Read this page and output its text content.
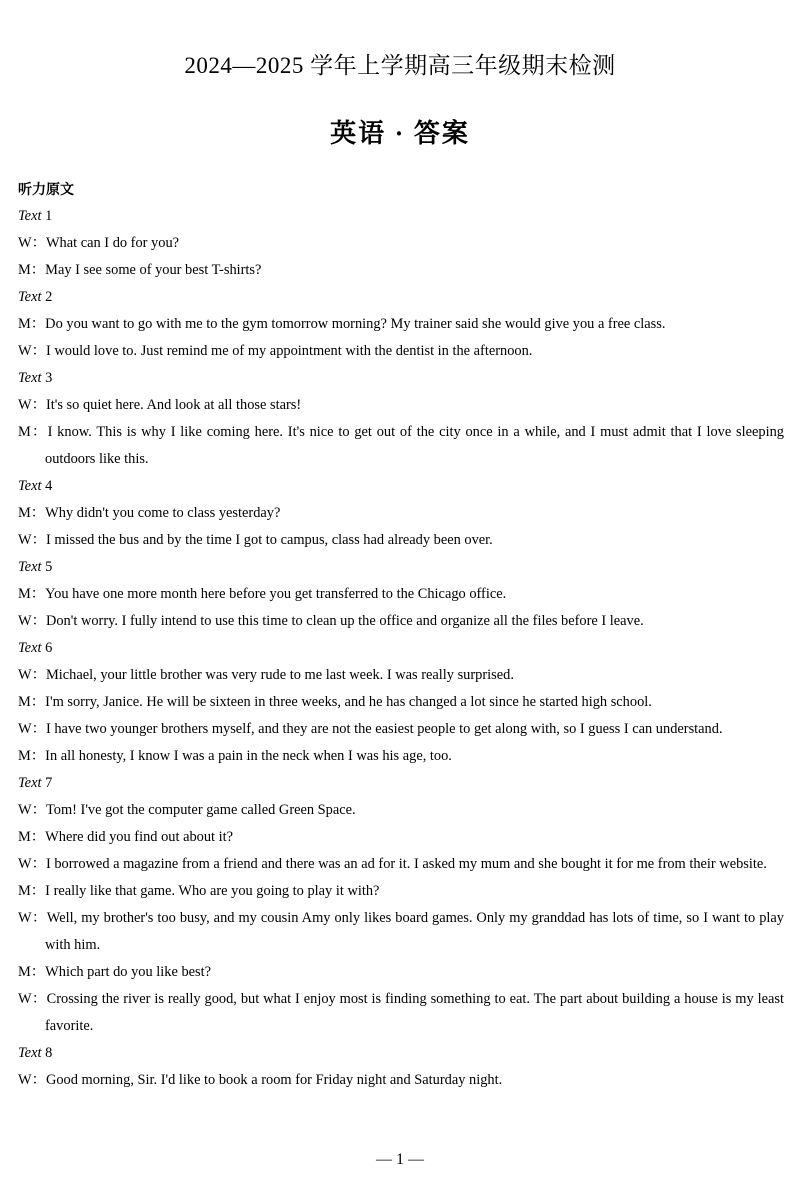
2024—2025 学年上学期高三年级期末检测
英语 · 答案
听力原文
Text 1
W：What can I do for you?
M：May I see some of your best T-shirts?
Text 2
M：Do you want to go with me to the gym tomorrow morning? My trainer said she would give you a free class.
W：I would love to. Just remind me of my appointment with the dentist in the afternoon.
Text 3
W：It's so quiet here. And look at all those stars!
M：I know. This is why I like coming here. It's nice to get out of the city once in a while, and I must admit that I love sleeping outdoors like this.
Text 4
M：Why didn't you come to class yesterday?
W：I missed the bus and by the time I got to campus, class had already been over.
Text 5
M：You have one more month here before you get transferred to the Chicago office.
W：Don't worry. I fully intend to use this time to clean up the office and organize all the files before I leave.
Text 6
W：Michael, your little brother was very rude to me last week. I was really surprised.
M：I'm sorry, Janice. He will be sixteen in three weeks, and he has changed a lot since he started high school.
W：I have two younger brothers myself, and they are not the easiest people to get along with, so I guess I can understand.
M：In all honesty, I know I was a pain in the neck when I was his age, too.
Text 7
W：Tom! I've got the computer game called Green Space.
M：Where did you find out about it?
W：I borrowed a magazine from a friend and there was an ad for it. I asked my mum and she bought it for me from their website.
M：I really like that game. Who are you going to play it with?
W：Well, my brother's too busy, and my cousin Amy only likes board games. Only my granddad has lots of time, so I want to play with him.
M：Which part do you like best?
W：Crossing the river is really good, but what I enjoy most is finding something to eat. The part about building a house is my least favorite.
Text 8
W：Good morning, Sir. I'd like to book a room for Friday night and Saturday night.
— 1 —
